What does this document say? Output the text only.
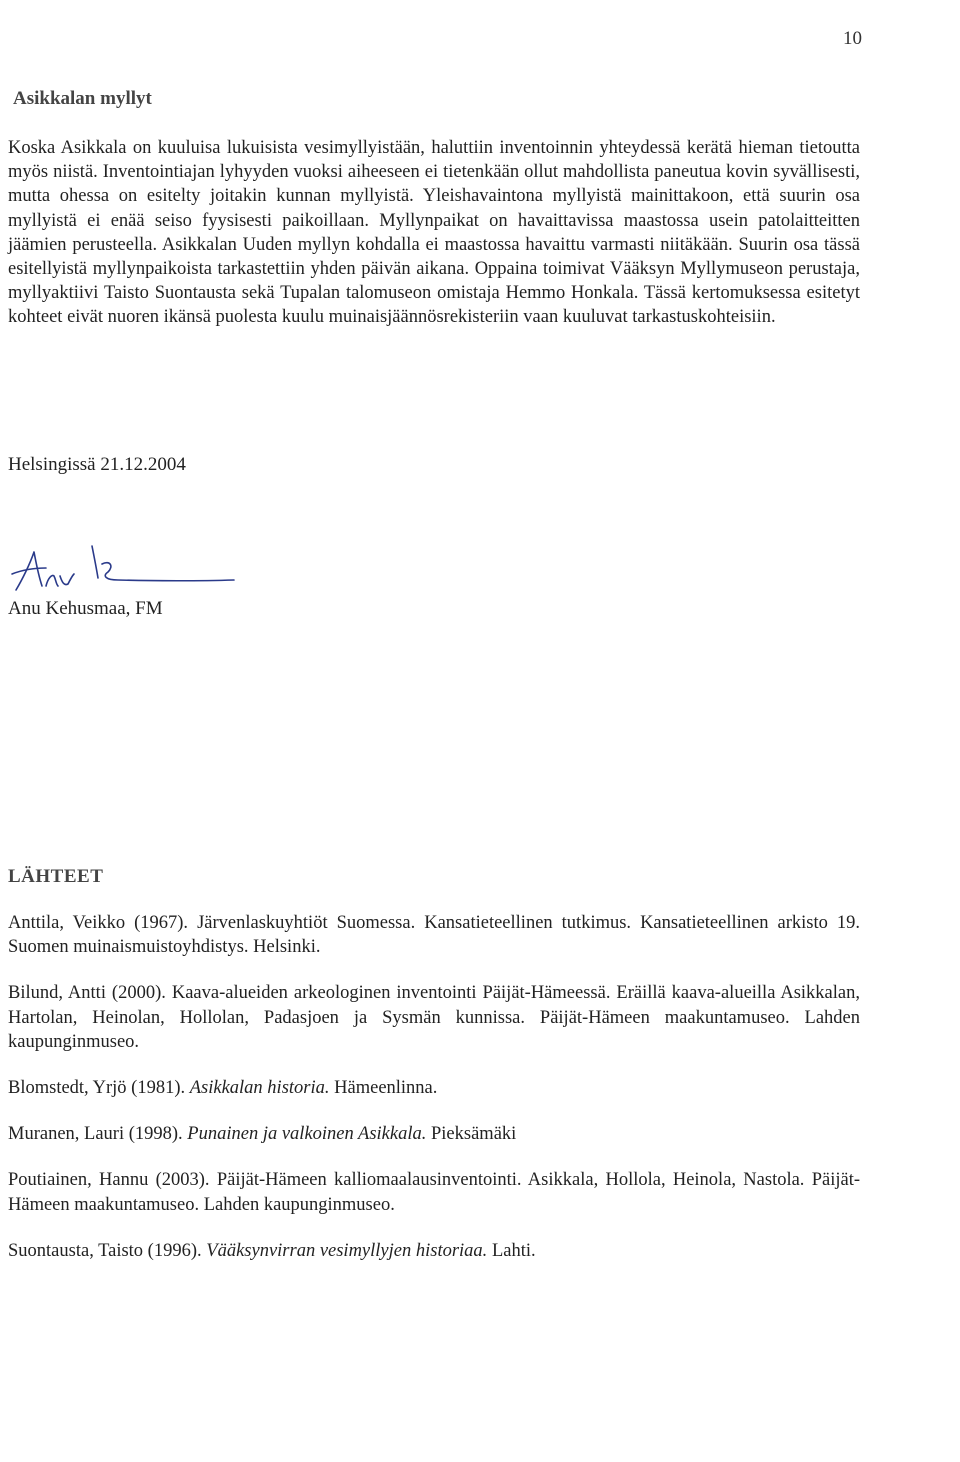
10
Asikkalan myllyt

Koska Asikkala on kuuluisa lukuisista vesimyllyistään, haluttiin inventoinnin yhteydessä kerätä hieman tietoutta myös niistä. Inventointiajan lyhyyden vuoksi aiheeseen ei tietenkään ollut mahdollista paneutua kovin syvällisesti, mutta ohessa on esitelty joitakin kunnan myllyistä. Yleishavaintona myllyistä mainittakoon, että suurin osa myllyistä ei enää seiso fyysisesti paikoillaan. Myllynpaikat on havaittavissa maastossa usein patolaitteitten jäämien perusteella. Asikkalan Uuden myllyn kohdalla ei maastossa havaittu varmasti niitäkään. Suurin osa tässä esitellyistä myllynpaikoista tarkastettiin yhden päivän aikana. Oppaina toimivat Vääksyn Myllymuseon perustaja, myllyaktiivi Taisto Suontausta sekä Tupalan talomuseon omistaja Hemmo Honkala. Tässä kertomuksessa esitetyt kohteet eivät nuoren ikänsä puolesta kuulu muinaisjäännösrekisteriin vaan kuuluvat tarkastuskohteisiin.

Helsingissä 21.12.2004

Anu Kehusmaa, FM

LÄHTEET
Anttila, Veikko (1967). Järvenlaskuyhtiöt Suomessa. Kansatieteellinen tutkimus. Kansatieteellinen arkisto 19. Suomen muinaismuistoyhdistys. Helsinki.
Bilund, Antti (2000). Kaava-alueiden arkeologinen inventointi Päijät-Hämeessä. Eräillä kaava-alueilla Asikkalan, Hartolan, Heinolan, Hollolan, Padasjoen ja Sysmän kunnissa. Päijät-Hämeen maakuntamuseo. Lahden kaupunginmuseo.
Blomstedt, Yrjö (1981). Asikkalan historia. Hämeenlinna.
Muranen, Lauri (1998). Punainen ja valkoinen Asikkala. Pieksämäki
Poutiainen, Hannu (2003). Päijät-Hämeen kalliomaalausinventointi. Asikkala, Hollola, Heinola, Nastola. Päijät-Hämeen maakuntamuseo. Lahden kaupunginmuseo.
Suontausta, Taisto (1996). Vääksynvirran vesimyllyjen historiaa. Lahti.
